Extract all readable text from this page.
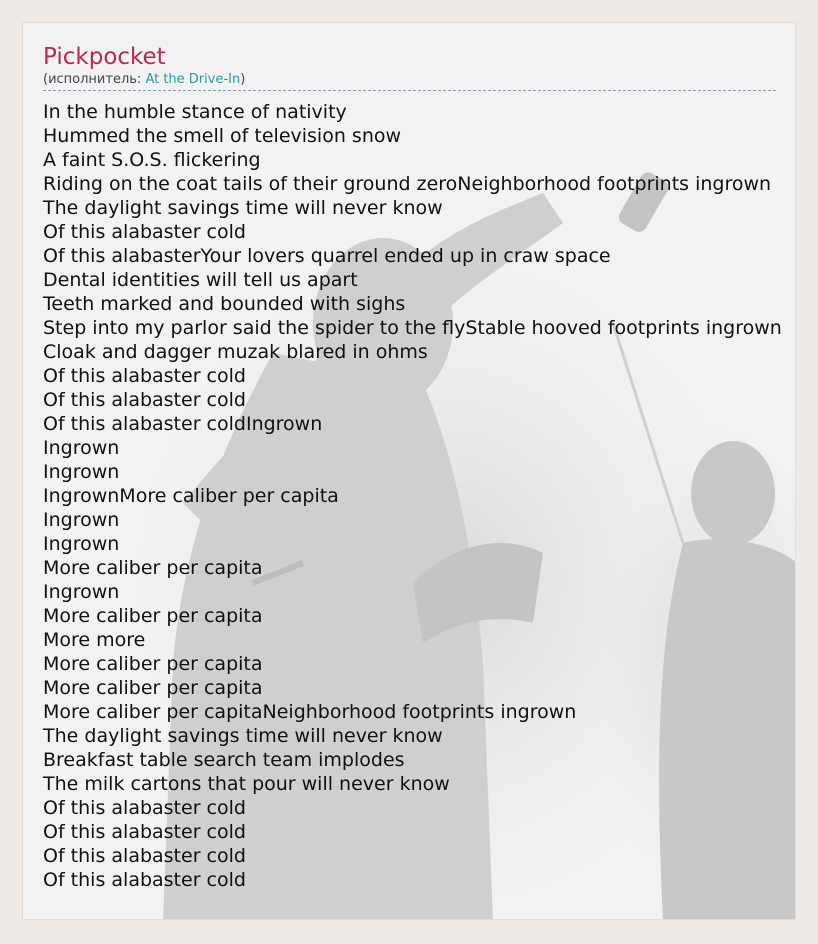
Pickpocket
(исполнитель: At the Drive-In)
In the humble stance of nativity
Hummed the smell of television snow
A faint S.O.S. flickering
Riding on the coat tails of their ground zeroNeighborhood footprints ingrown
The daylight savings time will never know
Of this alabaster cold
Of this alabasterYour lovers quarrel ended up in craw space
Dental identities will tell us apart
Teeth marked and bounded with sighs
Step into my parlor said the spider to the flyStable hooved footprints ingrown
Cloak and dagger muzak blared in ohms
Of this alabaster cold
Of this alabaster cold
Of this alabaster coldIngrown
Ingrown
Ingrown
IngrownMore caliber per capita
Ingrown
Ingrown
More caliber per capita
Ingrown
More caliber per capita
More more
More caliber per capita
More caliber per capita
More caliber per capitaNeighborhood footprints ingrown
The daylight savings time will never know
Breakfast table search team implodes
The milk cartons that pour will never know
Of this alabaster cold
Of this alabaster cold
Of this alabaster cold
Of this alabaster cold
